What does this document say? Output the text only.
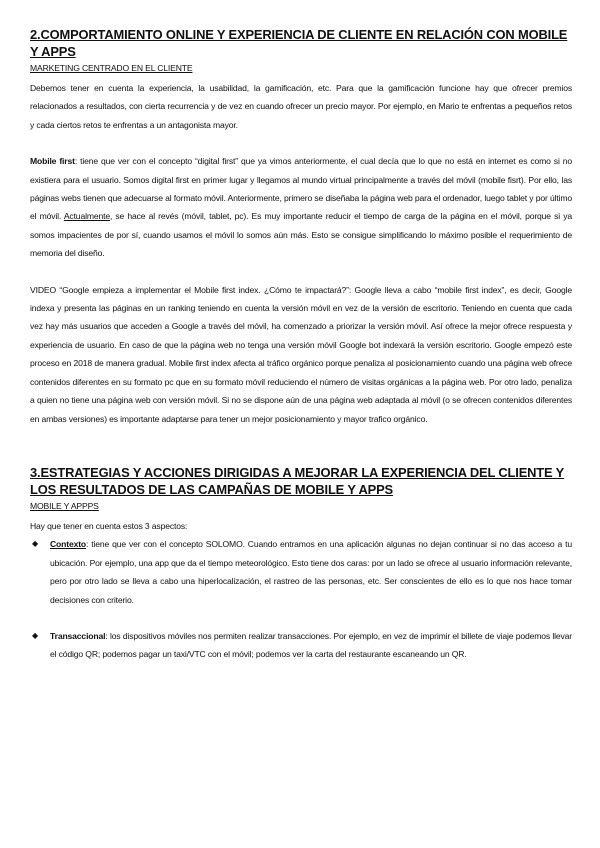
2.COMPORTAMIENTO ONLINE Y EXPERIENCIA DE CLIENTE EN RELACIÓN CON MOBILE Y APPS
MARKETING CENTRADO EN EL CLIENTE

Debemos tener en cuenta la experiencia, la usabilidad, la gamificación, etc. Para que la gamificación funcione hay que ofrecer premios relacionados a resultados, con cierta recurrencia y de vez en cuando ofrecer un precio mayor. Por ejemplo, en Mario te enfrentas a pequeños retos y cada ciertos retos te enfrentas a un antagonista mayor.

Mobile first: tiene que ver con el concepto “digital first” que ya vimos anteriormente, el cual decía que lo que no está en internet es como si no existiera para el usuario. Somos digital first en primer lugar y llegamos al mundo virtual principalmente a través del móvil (mobile fisrt). Por ello, las páginas webs tienen que adecuarse al formato móvil. Anteriormente, primero se diseñaba la página web para el ordenador, luego tablet y por último el móvil. Actualmente, se hace al revés (móvil, tablet, pc). Es muy importante reducir el tiempo de carga de la página en el móvil, porque si ya somos impacientes de por sí, cuando usamos el móvil lo somos aún más. Esto se consigue simplificando lo máximo posible el requerimiento de memoria del diseño.

VIDEO “Google empieza a implementar el Mobile first index. ¿Cómo te impactará?”: Google lleva a cabo “mobile first index”, es decir, Google indexa y presenta las páginas en un ranking teniendo en cuenta la versión móvil en vez de la versión de escritorio. Teniendo en cuenta que cada vez hay más usuarios que acceden a Google a través del móvil, ha comenzado a priorizar la versión móvil. Así ofrece la mejor ofrece respuesta y experiencia de usuario. En caso de que la página web no tenga una versión móvil Google bot indexará la versión escritorio. Google empezó este proceso en 2018 de manera gradual. Mobile first index afecta al tráfico orgánico porque penaliza al posicionamiento cuando una página web ofrece contenidos diferentes en su formato pc que en su formato móvil reduciendo el número de visitas orgánicas a la página web. Por otro lado, penaliza a quien no tiene una página web con versión móvil. Si no se dispone aún de una página web adaptada al móvil (o se ofrecen contenidos diferentes en ambas versiones) es importante adaptarse para tener un mejor posicionamiento y mayor trafico orgánico.

3.ESTRATEGIAS Y ACCIONES DIRIGIDAS A MEJORAR LA EXPERIENCIA DEL CLIENTE Y LOS RESULTADOS DE LAS CAMPAÑAS DE MOBILE Y APPS
MOBILE Y APPPS

Hay que tener en cuenta estos 3 aspectos:

◆ Contexto: tiene que ver con el concepto SOLOMO. Cuando entramos en una aplicación algunas no dejan continuar si no das acceso a tu ubicación. Por ejemplo, una app que da el tiempo meteorológico. Esto tiene dos caras: por un lado se ofrece al usuario información relevante, pero por otro lado se lleva a cabo una hiperlocalización, el rastreo de las personas, etc. Ser conscientes de ello es lo que nos hace tomar decisiones con criterio.

◆ Transaccional: los dispositivos móviles nos permiten realizar transacciones. Por ejemplo, en vez de imprimir el billete de viaje podemos llevar el código QR; podemos pagar un taxi/VTC con el móvil; podemos ver la carta del restaurante escaneando un QR.
